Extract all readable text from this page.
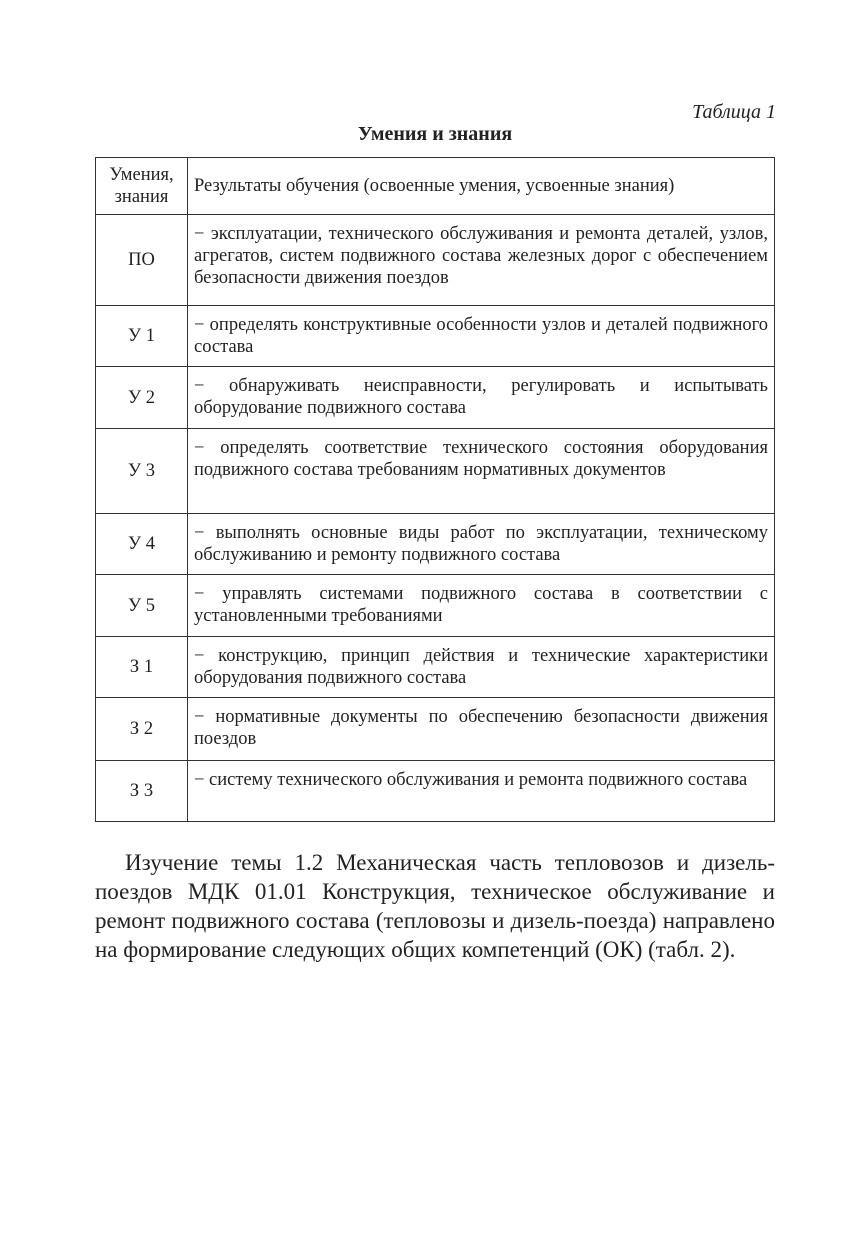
Таблица 1
Умения и знания
Умения, знания	Результаты обучения (освоенные умения, усвоенные знания)
ПО	− эксплуатации, технического обслуживания и ремонта деталей, узлов, агрегатов, систем подвижного состава железных дорог с обеспечением безопасности движения поездов
У 1	− определять конструктивные особенности узлов и деталей подвижного состава
У 2	− обнаруживать неисправности, регулировать и испытывать оборудование подвижного состава
У 3	− определять соответствие технического состояния оборудования подвижного состава требованиям нормативных документов
У 4	− выполнять основные виды работ по эксплуатации, техническому обслуживанию и ремонту подвижного состава
У 5	− управлять системами подвижного состава в соответствии с установленными требованиями
З 1	− конструкцию, принцип действия и технические характеристики оборудования подвижного состава
З 2	− нормативные документы по обеспечению безопасности движения поездов
З 3	− систему технического обслуживания и ремонта подвижного состава

Изучение темы 1.2 Механическая часть тепловозов и дизель-поездов МДК 01.01 Конструкция, техническое обслуживание и ремонт подвижного состава (тепловозы и дизель-поезда) направлено на формирование следующих общих компетенций (ОК) (табл. 2).
